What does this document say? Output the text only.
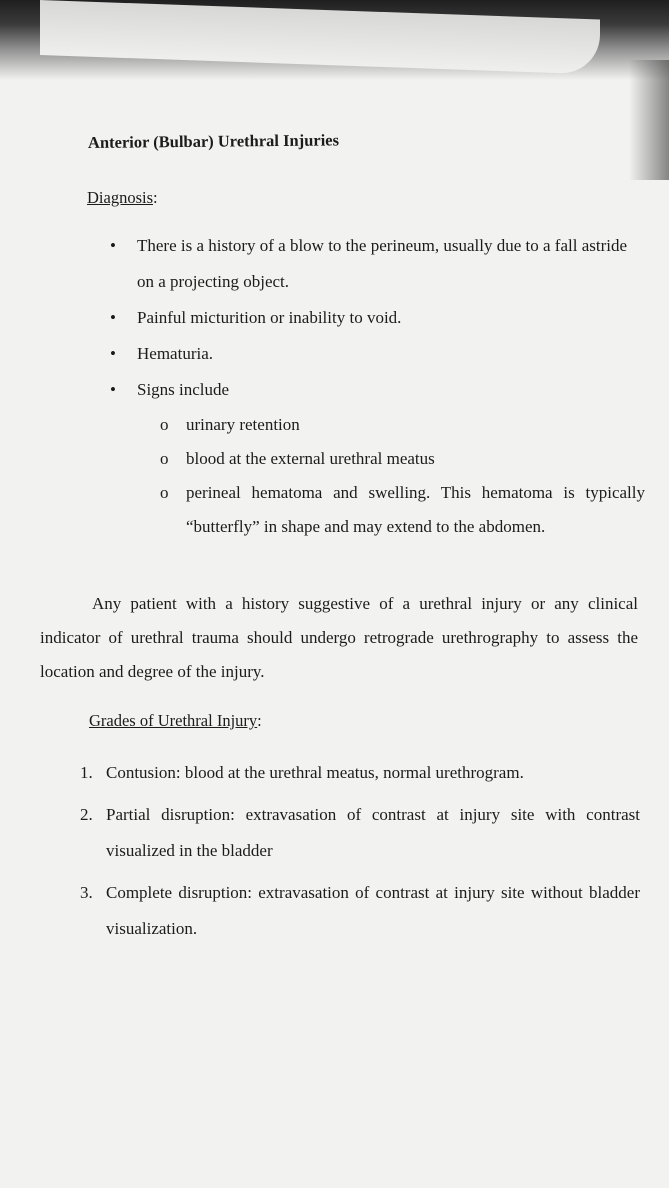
Anterior (Bulbar) Urethral Injuries
Diagnosis:
• There is a history of a blow to the perineum, usually due to a fall astride on a projecting object.
• Painful micturition or inability to void.
• Hematuria.
• Signs include
o urinary retention
o blood at the external urethral meatus
o perineal hematoma and swelling. This hematoma is typically “butterfly” in shape and may extend to the abdomen.

Any patient with a history suggestive of a urethral injury or any clinical indicator of urethral trauma should undergo retrograde urethrography to assess the location and degree of the injury.

Grades of Urethral Injury:
1. Contusion: blood at the urethral meatus, normal urethrogram.
2. Partial disruption: extravasation of contrast at injury site with contrast visualized in the bladder
3. Complete disruption: extravasation of contrast at injury site without bladder visualization.
